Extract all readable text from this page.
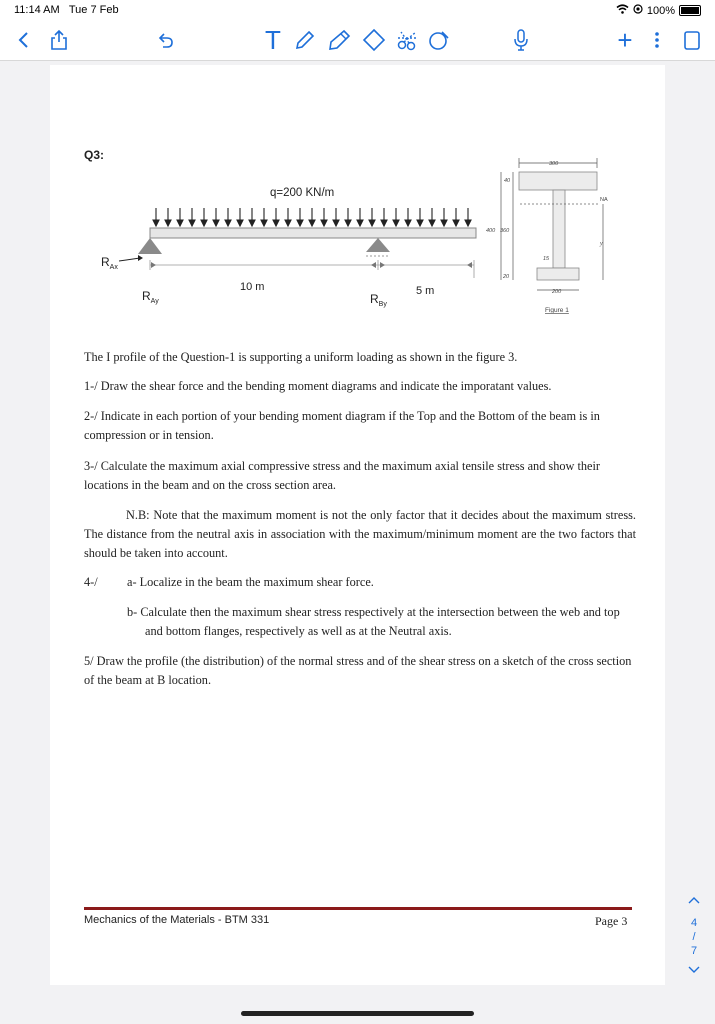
11:14 AM Tue 7 Feb	100%
T	+
Q3:
q=200 KN/m
$R_{Ax}$
10 m	5 m
$R_{Ay}$	$R_{By}$
300
40
400 360
20
15
200
NA
y
Figure 1
The I profile of the Question-1 is supporting a uniform loading as shown in the figure 3.
1-/ Draw the shear force and the bending moment diagrams and indicate the imporatant values.
2-/ Indicate in each portion of your bending moment diagram if the Top and the Bottom of the beam is in compression or in tension.
3-/ Calculate the maximum axial compressive stress and the maximum axial tensile stress and show their locations in the beam and on the cross section area.
N.B: Note that the maximum moment is not the only factor that it decides about the maximum stress. The distance from the neutral axis in association with the maximum/minimum moment are the two factors that should be taken into account.
4-/	a- Localize in the beam the maximum shear force.
b- Calculate then the maximum shear stress respectively at the intersection between the web and top and bottom flanges, respectively as well as at the Neutral axis.
5/ Draw the profile (the distribution) of the normal stress and of the shear stress on a sketch of the cross section of the beam at B location.
Mechanics of the Materials - BTM 331	Page 3	4
/
7
